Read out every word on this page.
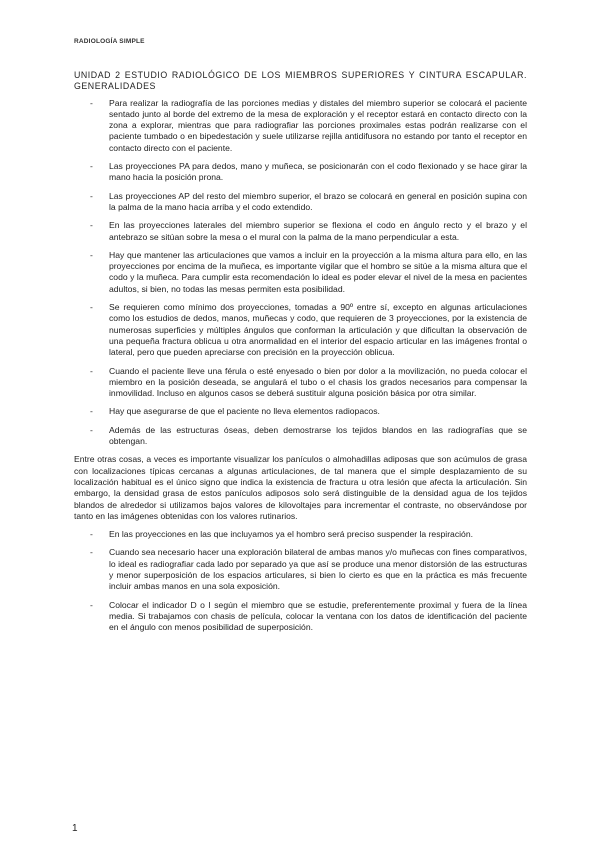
RADIOLOGÍA SIMPLE
UNIDAD 2 ESTUDIO RADIOLÓGICO DE LOS MIEMBROS SUPERIORES Y CINTURA ESCAPULAR. GENERALIDADES
- Para realizar la radiografía de las porciones medias y distales del miembro superior se colocará el paciente sentado junto al borde del extremo de la mesa de exploración y el receptor estará en contacto directo con la zona a explorar, mientras que para radiografiar las porciones proximales estas podrán realizarse con el paciente tumbado o en bipedestación y suele utilizarse rejilla antidifusora no estando por tanto el receptor en contacto directo con el paciente.
- Las proyecciones PA para dedos, mano y muñeca, se posicionarán con el codo flexionado y se hace girar la mano hacia la posición prona.
- Las proyecciones AP del resto del miembro superior, el brazo se colocará en general en posición supina con la palma de la mano hacia arriba y el codo extendido.
- En las proyecciones laterales del miembro superior se flexiona el codo en ángulo recto y el brazo y el antebrazo se sitúan sobre la mesa o el mural con la palma de la mano perpendicular a esta.
- Hay que mantener las articulaciones que vamos a incluir en la proyección a la misma altura para ello, en las proyecciones por encima de la muñeca, es importante vigilar que el hombro se sitúe a la misma altura que el codo y la muñeca. Para cumplir esta recomendación lo ideal es poder elevar el nivel de la mesa en pacientes adultos, si bien, no todas las mesas permiten esta posibilidad.
- Se requieren como mínimo dos proyecciones, tomadas a 90º entre sí, excepto en algunas articulaciones como los estudios de dedos, manos, muñecas y codo, que requieren de 3 proyecciones, por la existencia de numerosas superficies y múltiples ángulos que conforman la articulación y que dificultan la observación de una pequeña fractura oblicua u otra anormalidad en el interior del espacio articular en las imágenes frontal o lateral, pero que pueden apreciarse con precisión en la proyección oblicua.
- Cuando el paciente lleve una férula o esté enyesado o bien por dolor a la movilización, no pueda colocar el miembro en la posición deseada, se angulará el tubo o el chasis los grados necesarios para compensar la inmovilidad. Incluso en algunos casos se deberá sustituir alguna posición básica por otra similar.
- Hay que asegurarse de que el paciente no lleva elementos radiopacos.
- Además de las estructuras óseas, deben demostrarse los tejidos blandos en las radiografías que se obtengan.
Entre otras cosas, a veces es importante visualizar los panículos o almohadillas adiposas que son acúmulos de grasa con localizaciones típicas cercanas a algunas articulaciones, de tal manera que el simple desplazamiento de su localización habitual es el único signo que indica la existencia de fractura u otra lesión que afecta la articulación. Sin embargo, la densidad grasa de estos panículos adiposos solo será distinguible de la densidad agua de los tejidos blandos de alrededor si utilizamos bajos valores de kilovoltajes para incrementar el contraste, no observándose por tanto en las imágenes obtenidas con los valores rutinarios.
- En las proyecciones en las que incluyamos ya el hombro será preciso suspender la respiración.
- Cuando sea necesario hacer una exploración bilateral de ambas manos y/o muñecas con fines comparativos, lo ideal es radiografiar cada lado por separado ya que así se produce una menor distorsión de las estructuras y menor superposición de los espacios articulares, si bien lo cierto es que en la práctica es más frecuente incluir ambas manos en una sola exposición.
- Colocar el indicador D o I según el miembro que se estudie, preferentemente proximal y fuera de la línea media. Si trabajamos con chasis de película, colocar la ventana con los datos de identificación del paciente en el ángulo con menos posibilidad de superposición.
1
